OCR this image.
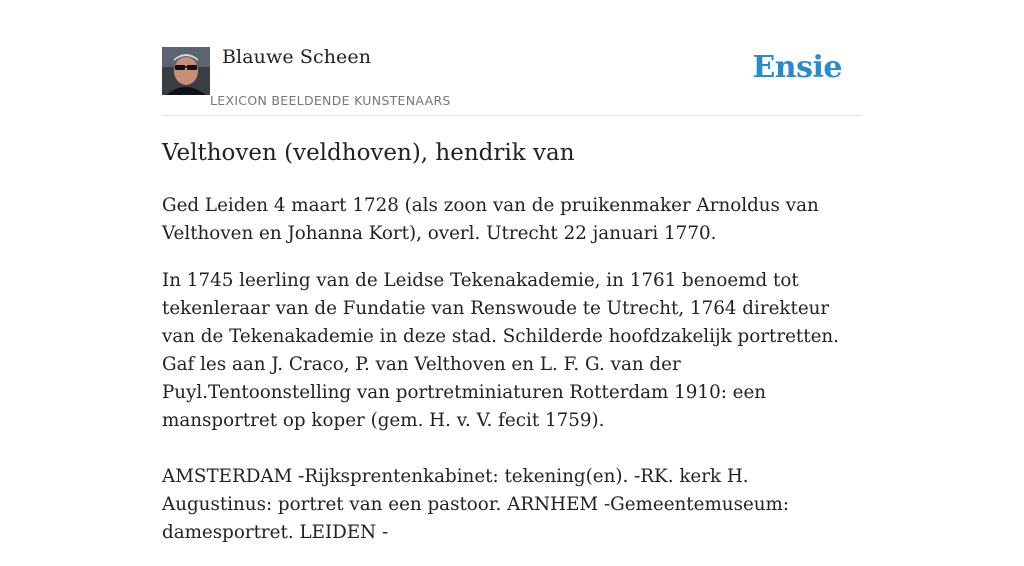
Blauwe Scheen
LEXICON BEELDENDE KUNSTENAARS
Ensie
Velthoven (veldhoven), hendrik van

Ged Leiden 4 maart 1728 (als zoon van de pruikenmaker Arnoldus van Velthoven en Johanna Kort), overl. Utrecht 22 januari 1770.

In 1745 leerling van de Leidse Tekenakademie, in 1761 benoemd tot tekenleraar van de Fundatie van Renswoude te Utrecht, 1764 direkteur van de Tekenakademie in deze stad. Schilderde hoofdzakelijk portretten. Gaf les aan J. Craco, P. van Velthoven en L. F. G. van der Puyl.Tentoonstelling van portretminiaturen Rotterdam 1910: een mansportret op koper (gem. H. v. V. fecit 1759).

AMSTERDAM -Rijksprentenkabinet: tekening(en). -RK. kerk H. Augustinus: portret van een pastoor. ARNHEM -Gemeentemuseum: damesportret. LEIDEN -
